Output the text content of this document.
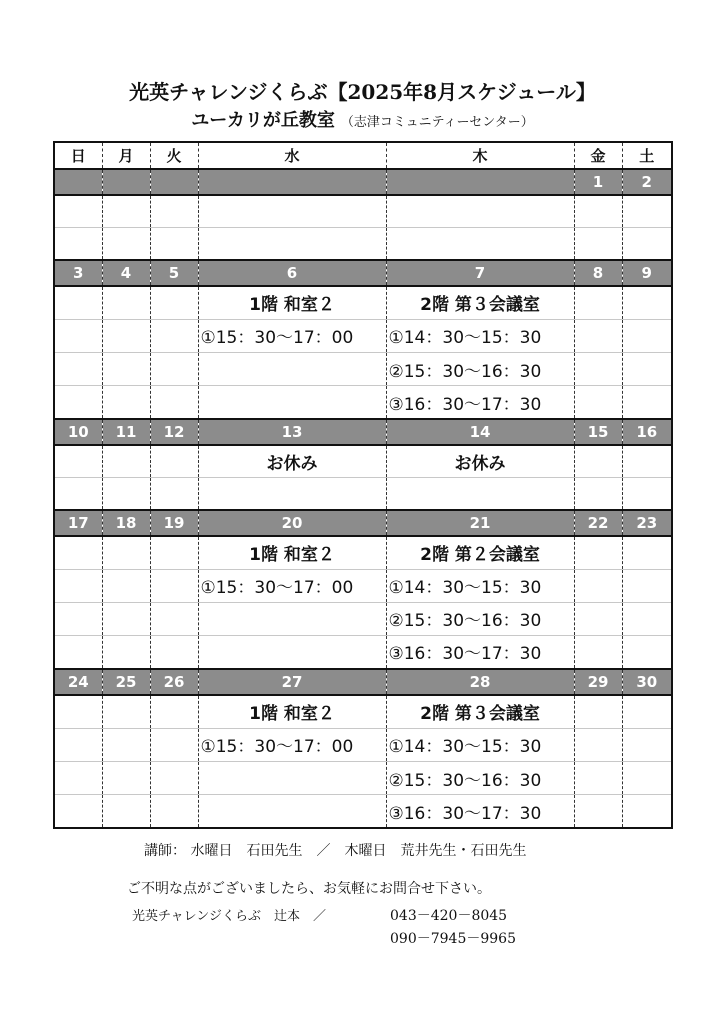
光英チャレンジくらぶ【2025年8月スケジュール】
ユーカリが丘教室 （志津コミュニティーセンター）
日	月	火	水	木	金	土
					1	2

3	4	5	6	7	8	9
			1階 和室２	2階 第３会議室		
			①15：30〜17：00	①14：30〜15：30		
				②15：30〜16：30		
				③16：30〜17：30		
10	11	12	13	14	15	16
			お休み	お休み		

17	18	19	20	21	22	23
			1階 和室２	2階 第２会議室		
			①15：30〜17：00	①14：30〜15：30		
				②15：30〜16：30		
				③16：30〜17：30		
24	25	26	27	28	29	30
			1階 和室２	2階 第３会議室		
			①15：30〜17：00	①14：30〜15：30		
				②15：30〜16：30		
				③16：30〜17：30		
講師： 水曜日　石田先生　／　木曜日　荒井先生・石田先生
ご不明な点がございましたら、お気軽にお問合せ下さい。
光英チャレンジくらぶ　辻本　／	043－420－8045
090－7945－9965
